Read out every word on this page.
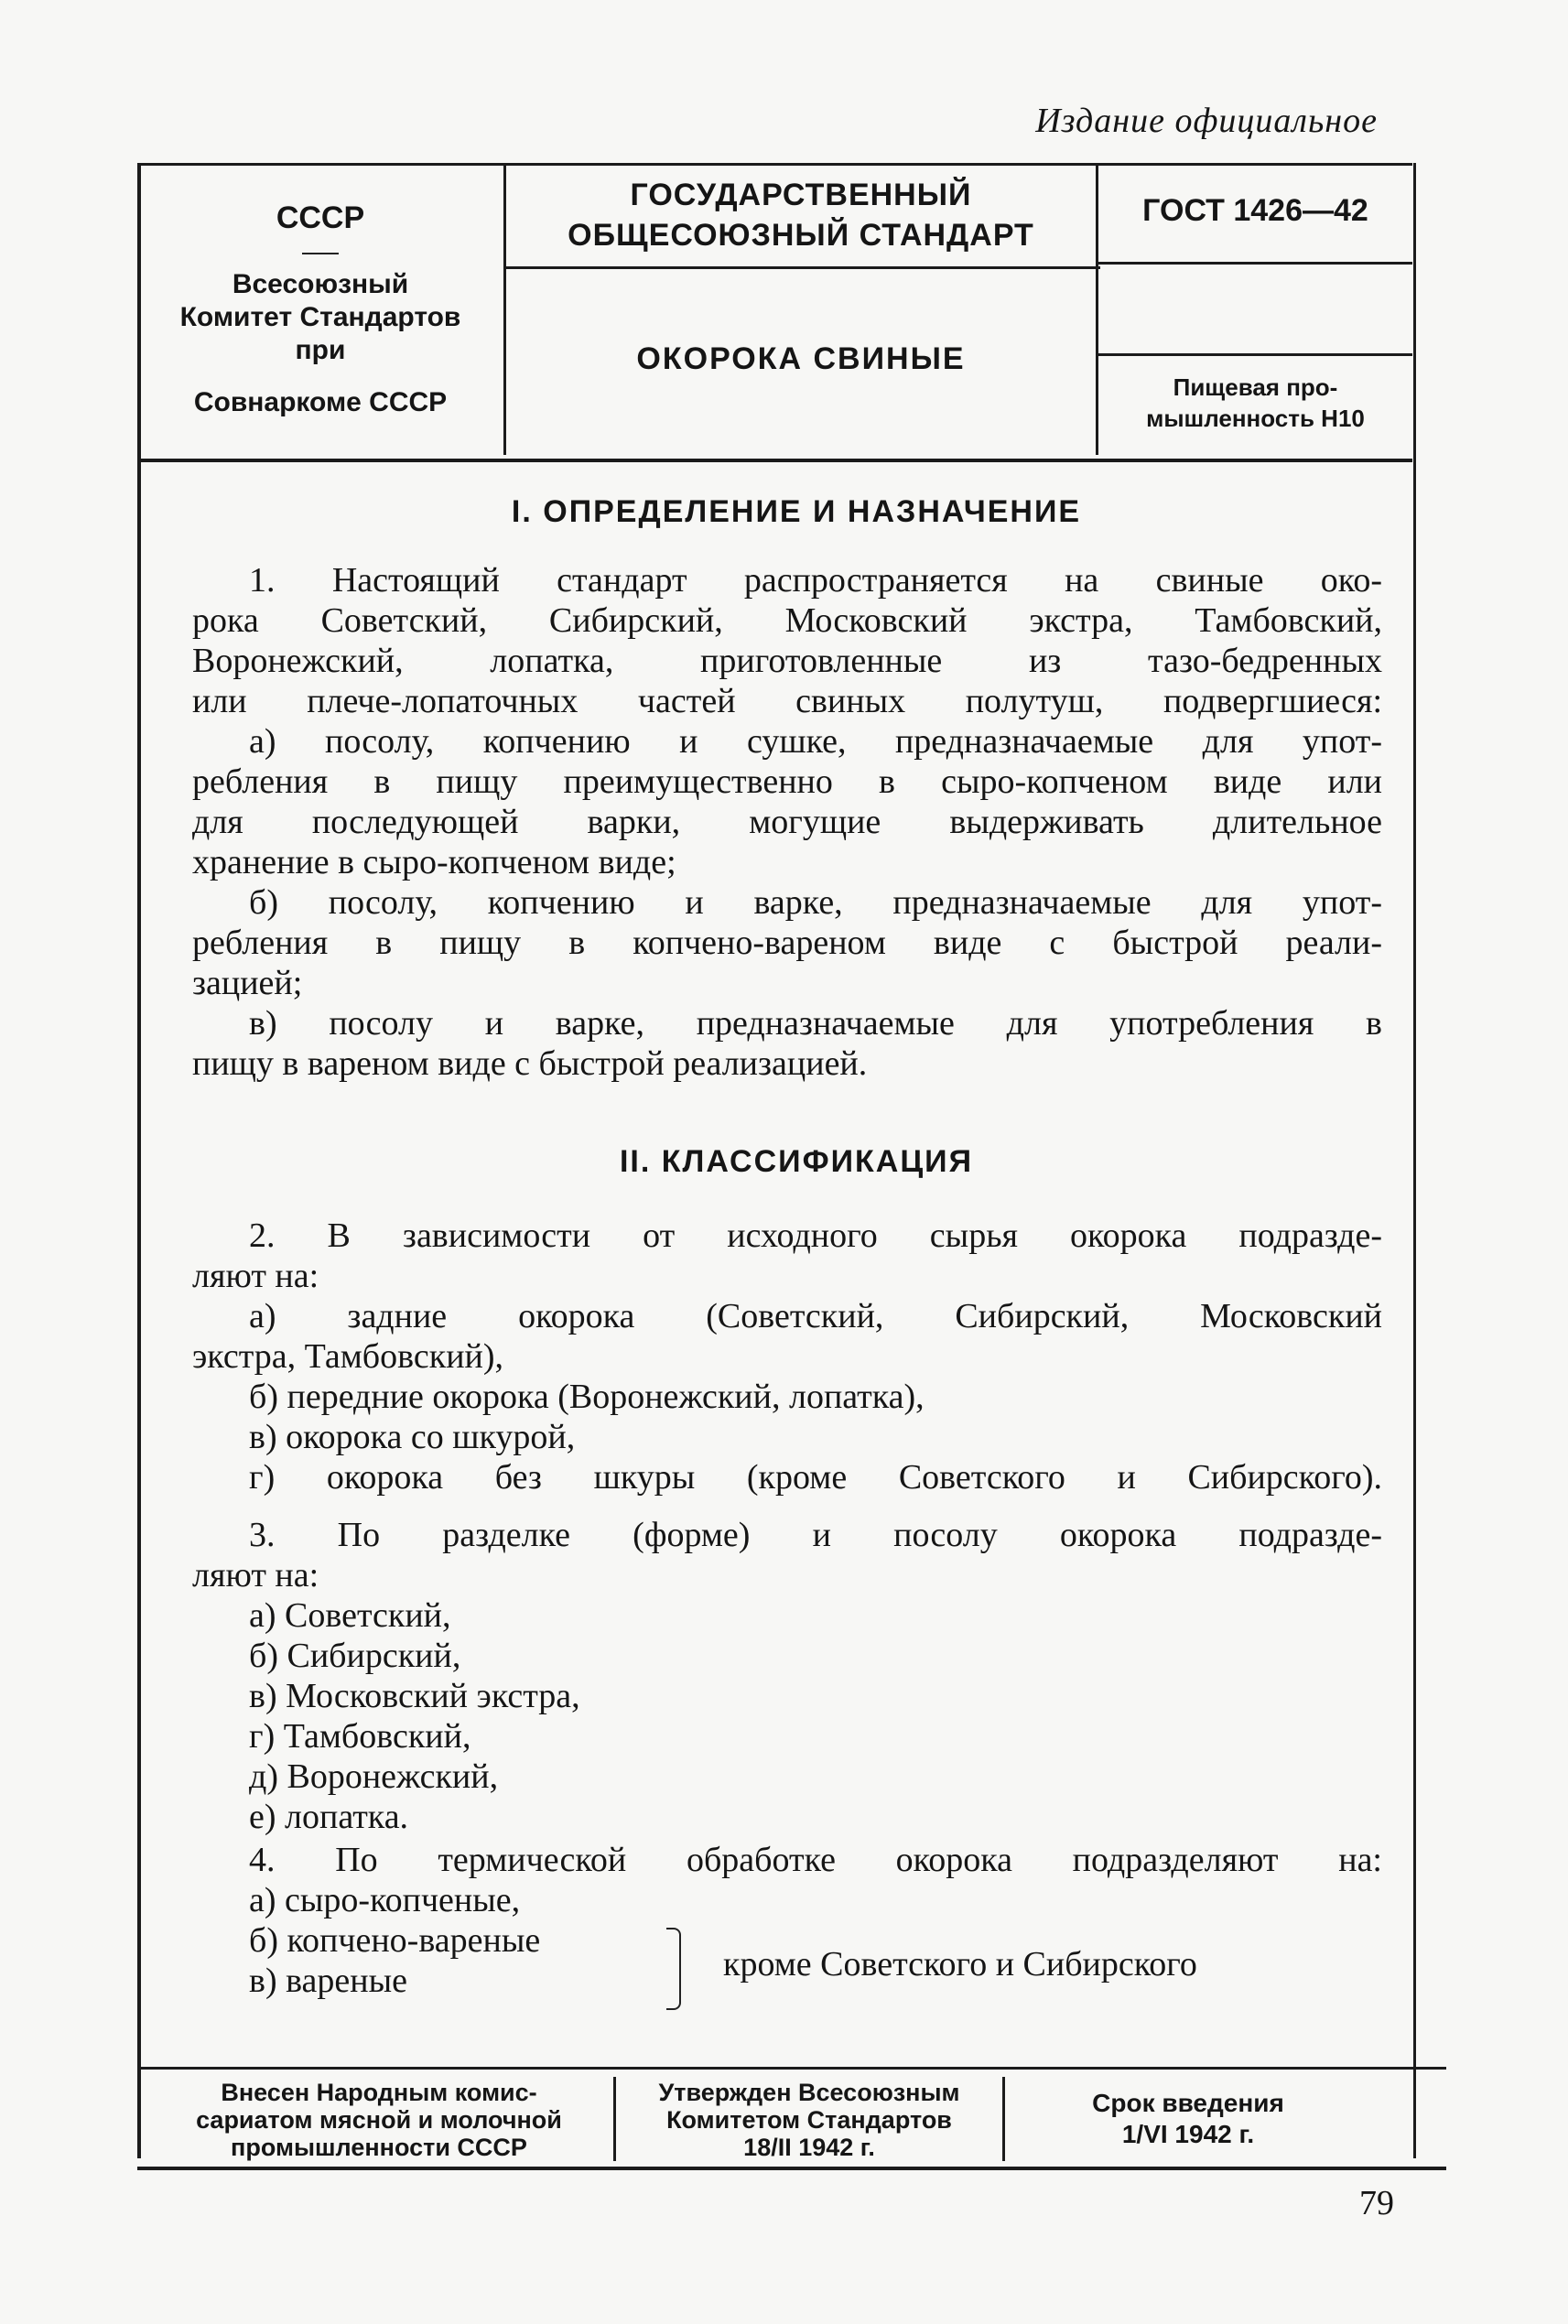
Издание официальное
СССР
Всесоюзный
Комитет Стандартов
при
Совнаркоме СССР
ГОСУДАРСТВЕННЫЙ
ОБЩЕСОЮЗНЫЙ СТАНДАРТ
ОКОРОКА СВИНЫЕ
ГОСТ 1426—42
Пищевая про-
мышленность Н10
I. ОПРЕДЕЛЕНИЕ И НАЗНАЧЕНИЕ
1. Настоящий стандарт распространяется на свиные око-
рока Советский, Сибирский, Московский экстра, Тамбовский,
Воронежский, лопатка, приготовленные из тазо-бедренных
или плече-лопаточных частей свиных полутуш, подвергшиеся:
а) посолу, копчению и сушке, предназначаемые для упот-
ребления в пищу преимущественно в сыро-копченом виде или
для последующей варки, могущие выдерживать длительное
хранение в сыро-копченом виде;
б) посолу, копчению и варке, предназначаемые для упот-
ребления в пищу в копчено-вареном виде с быстрой реали-
зацией;
в) посолу и варке, предназначаемые для употребления в
пищу в вареном виде с быстрой реализацией.
II. КЛАССИФИКАЦИЯ
2. В зависимости от исходного сырья окорока подразде-
ляют на:
а) задние окорока (Советский, Сибирский, Московский
экстра, Тамбовский),
б) передние окорока (Воронежский, лопатка),
в) окорока со шкурой,
г) окорока без шкуры (кроме Советского и Сибирского).
3. По разделке (форме) и посолу окорока подразде-
ляют на:
а) Советский,
б) Сибирский,
в) Московский экстра,
г) Тамбовский,
д) Воронежский,
е) лопатка.
4. По термической обработке окорока подразделяют на:
а) сыро-копченые,
б) копчено-вареные
в) вареные	кроме Советского и Сибирского
Внесен Народным комис-
сариатом мясной и молочной
промышленности СССР
Утвержден Всесоюзным
Комитетом Стандартов
18/II 1942 г.
Срок введения
1/VI 1942 г.
79
